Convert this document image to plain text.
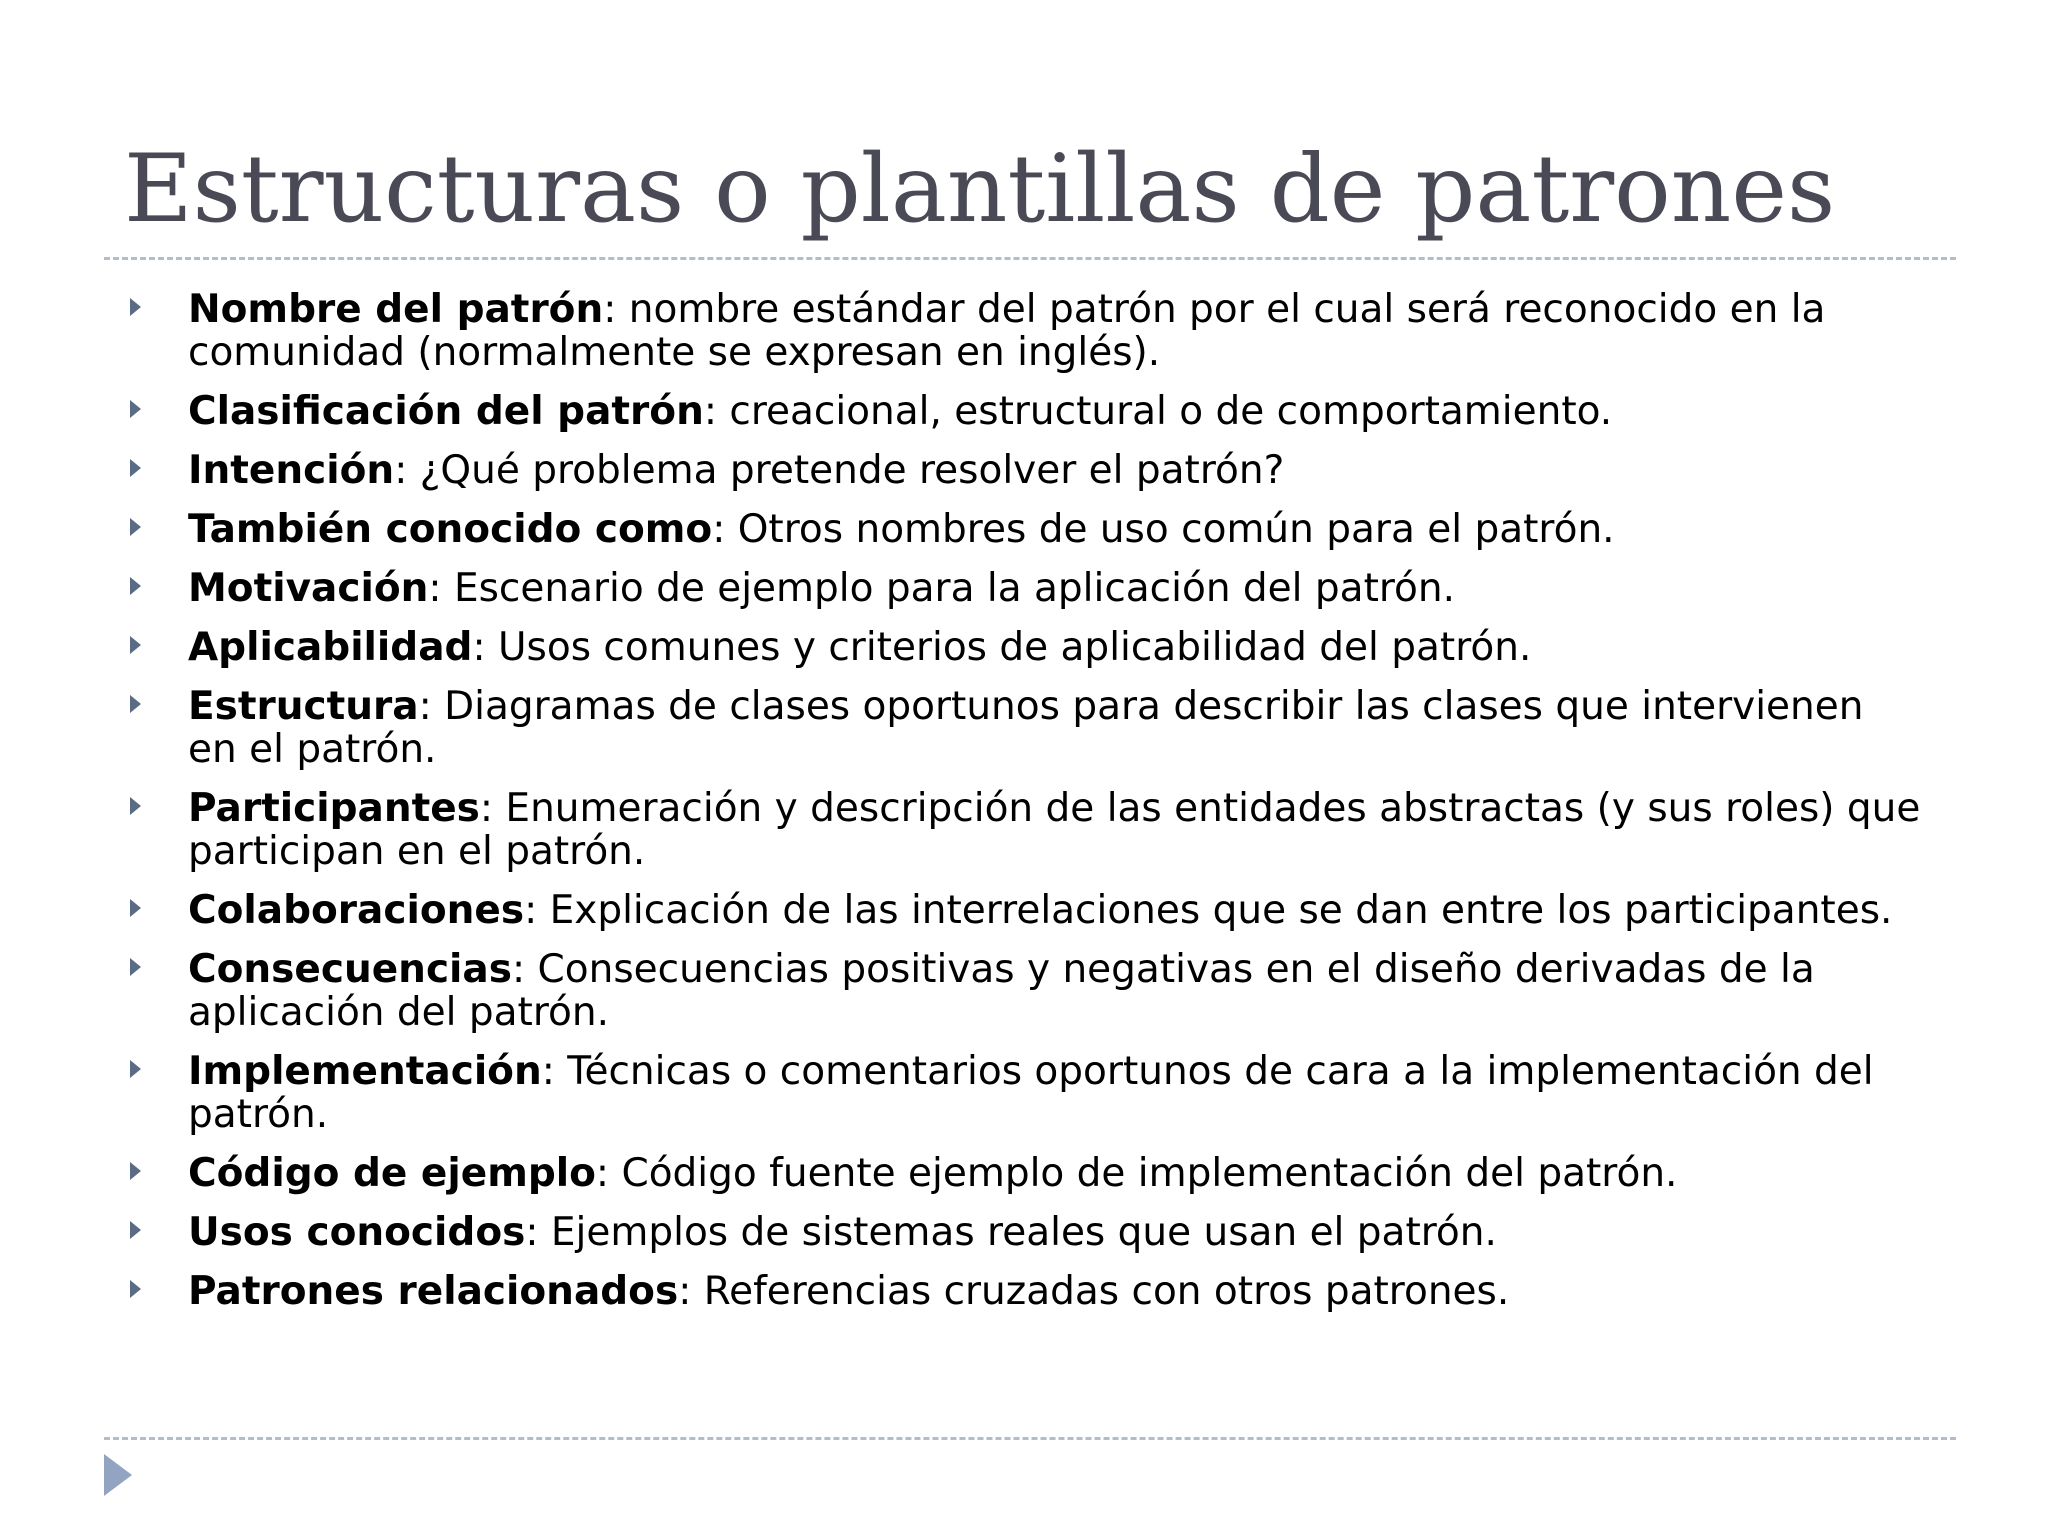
Estructuras o plantillas de patrones
Nombre del patrón: nombre estándar del patrón por el cual será reconocido en la comunidad (normalmente se expresan en inglés).
Clasificación del patrón: creacional, estructural o de comportamiento.
Intención: ¿Qué problema pretende resolver el patrón?
También conocido como: Otros nombres de uso común para el patrón.
Motivación: Escenario de ejemplo para la aplicación del patrón.
Aplicabilidad: Usos comunes y criterios de aplicabilidad del patrón.
Estructura: Diagramas de clases oportunos para describir las clases que intervienen en el patrón.
Participantes: Enumeración y descripción de las entidades abstractas (y sus roles) que participan en el patrón.
Colaboraciones: Explicación de las interrelaciones que se dan entre los participantes.
Consecuencias: Consecuencias positivas y negativas en el diseño derivadas de la aplicación del patrón.
Implementación: Técnicas o comentarios oportunos de cara a la implementación del patrón.
Código de ejemplo: Código fuente ejemplo de implementación del patrón.
Usos conocidos: Ejemplos de sistemas reales que usan el patrón.
Patrones relacionados: Referencias cruzadas con otros patrones.
